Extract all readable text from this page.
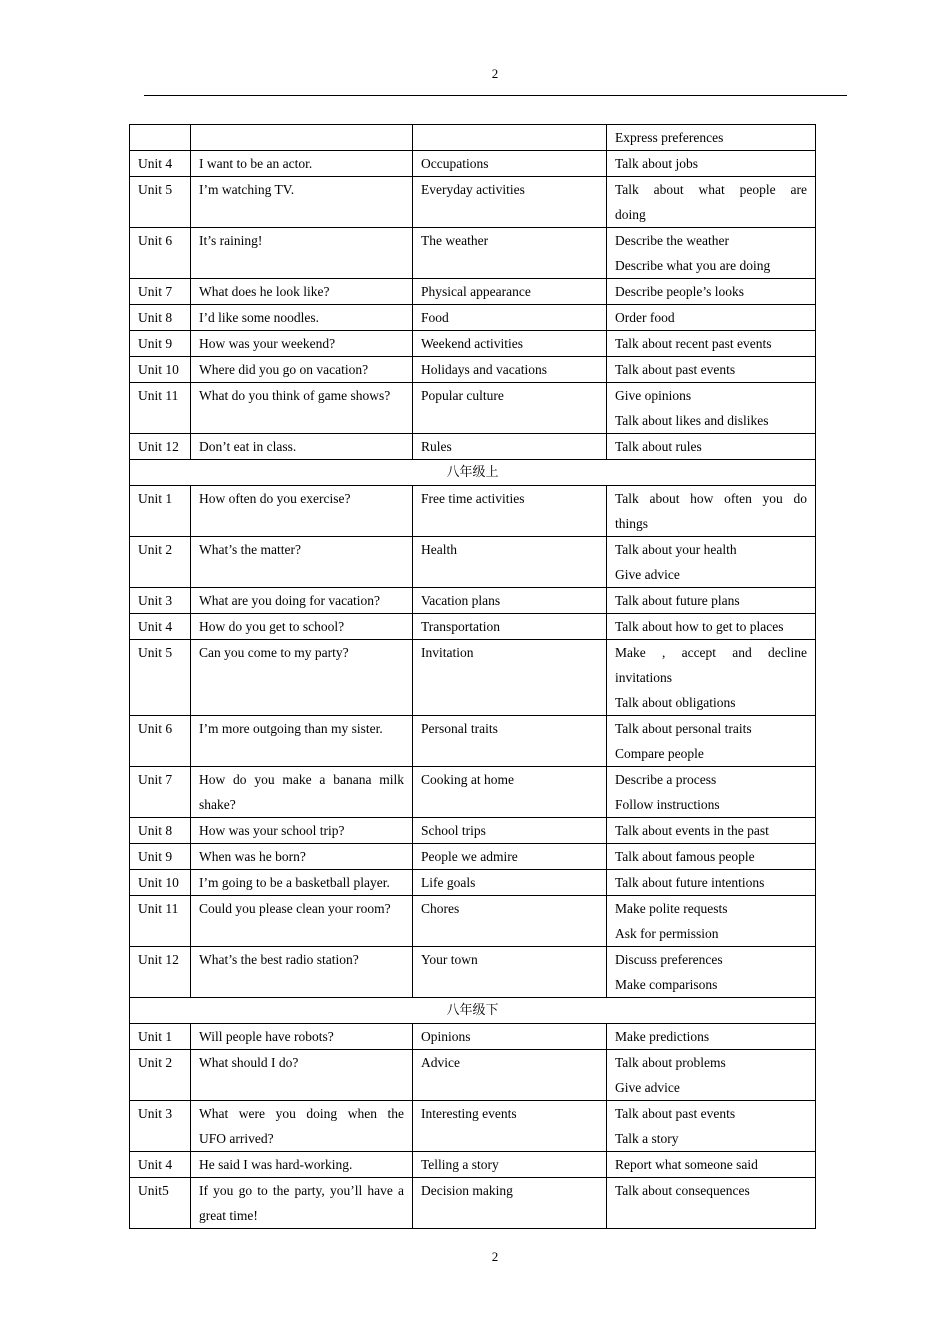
2

			Express preferences

Unit 4	I want to be an actor.	Occupations	Talk about jobs

Unit 5	I’m watching TV.	Everyday activities	Talk about what people are
doing

Unit 6	It’s raining!	The weather	Describe the weather
Describe what you are doing

Unit 7	What does he look like?	Physical appearance	Describe people’s looks

Unit 8	I’d like some noodles.	Food	Order food

Unit 9	How was your weekend?	Weekend activities	Talk about recent past events

Unit 10	Where did you go on vacation?	Holidays and vacations	Talk about past events

Unit 11	What do you think of game shows?	Popular culture	Give opinions
Talk about likes and dislikes

Unit 12	Don’t eat in class.	Rules	Talk about rules

八年级上			

Unit 1	How often do you exercise?	Free time activities	Talk about how often you do
things

Unit 2	What’s the matter?	Health	Talk about your health
Give advice

Unit 3	What are you doing for vacation?	Vacation plans	Talk about future plans

Unit 4	How do you get to school?	Transportation	Talk about how to get to places

Unit 5	Can you come to my party?	Invitation	Make , accept and decline
invitations
Talk about obligations

Unit 6	I’m more outgoing than my sister.	Personal traits	Talk about personal traits
Compare people

Unit 7	How do you make a banana milk
shake?	Cooking at home	Describe a process
Follow instructions

Unit 8	How was your school trip?	School trips	Talk about events in the past

Unit 9	When was he born?	People we admire	Talk about famous people

Unit 10	I’m going to be a basketball player.	Life goals	Talk about future intentions

Unit 11	Could you please clean your room?	Chores	Make polite requests
Ask for permission

Unit 12	What’s the best radio station?	Your town	Discuss preferences
Make comparisons

八年级下			

Unit 1	Will people have robots?	Opinions	Make predictions

Unit 2	What should I do?	Advice	Talk about problems
Give advice

Unit 3	What were you doing when the
UFO arrived?	Interesting events	Talk about past events
Talk a story

Unit 4	He said I was hard-working.	Telling a story	Report what someone said

Unit5	If you go to the party, you’ll have a
great time!	Decision making	Talk about consequences
2
